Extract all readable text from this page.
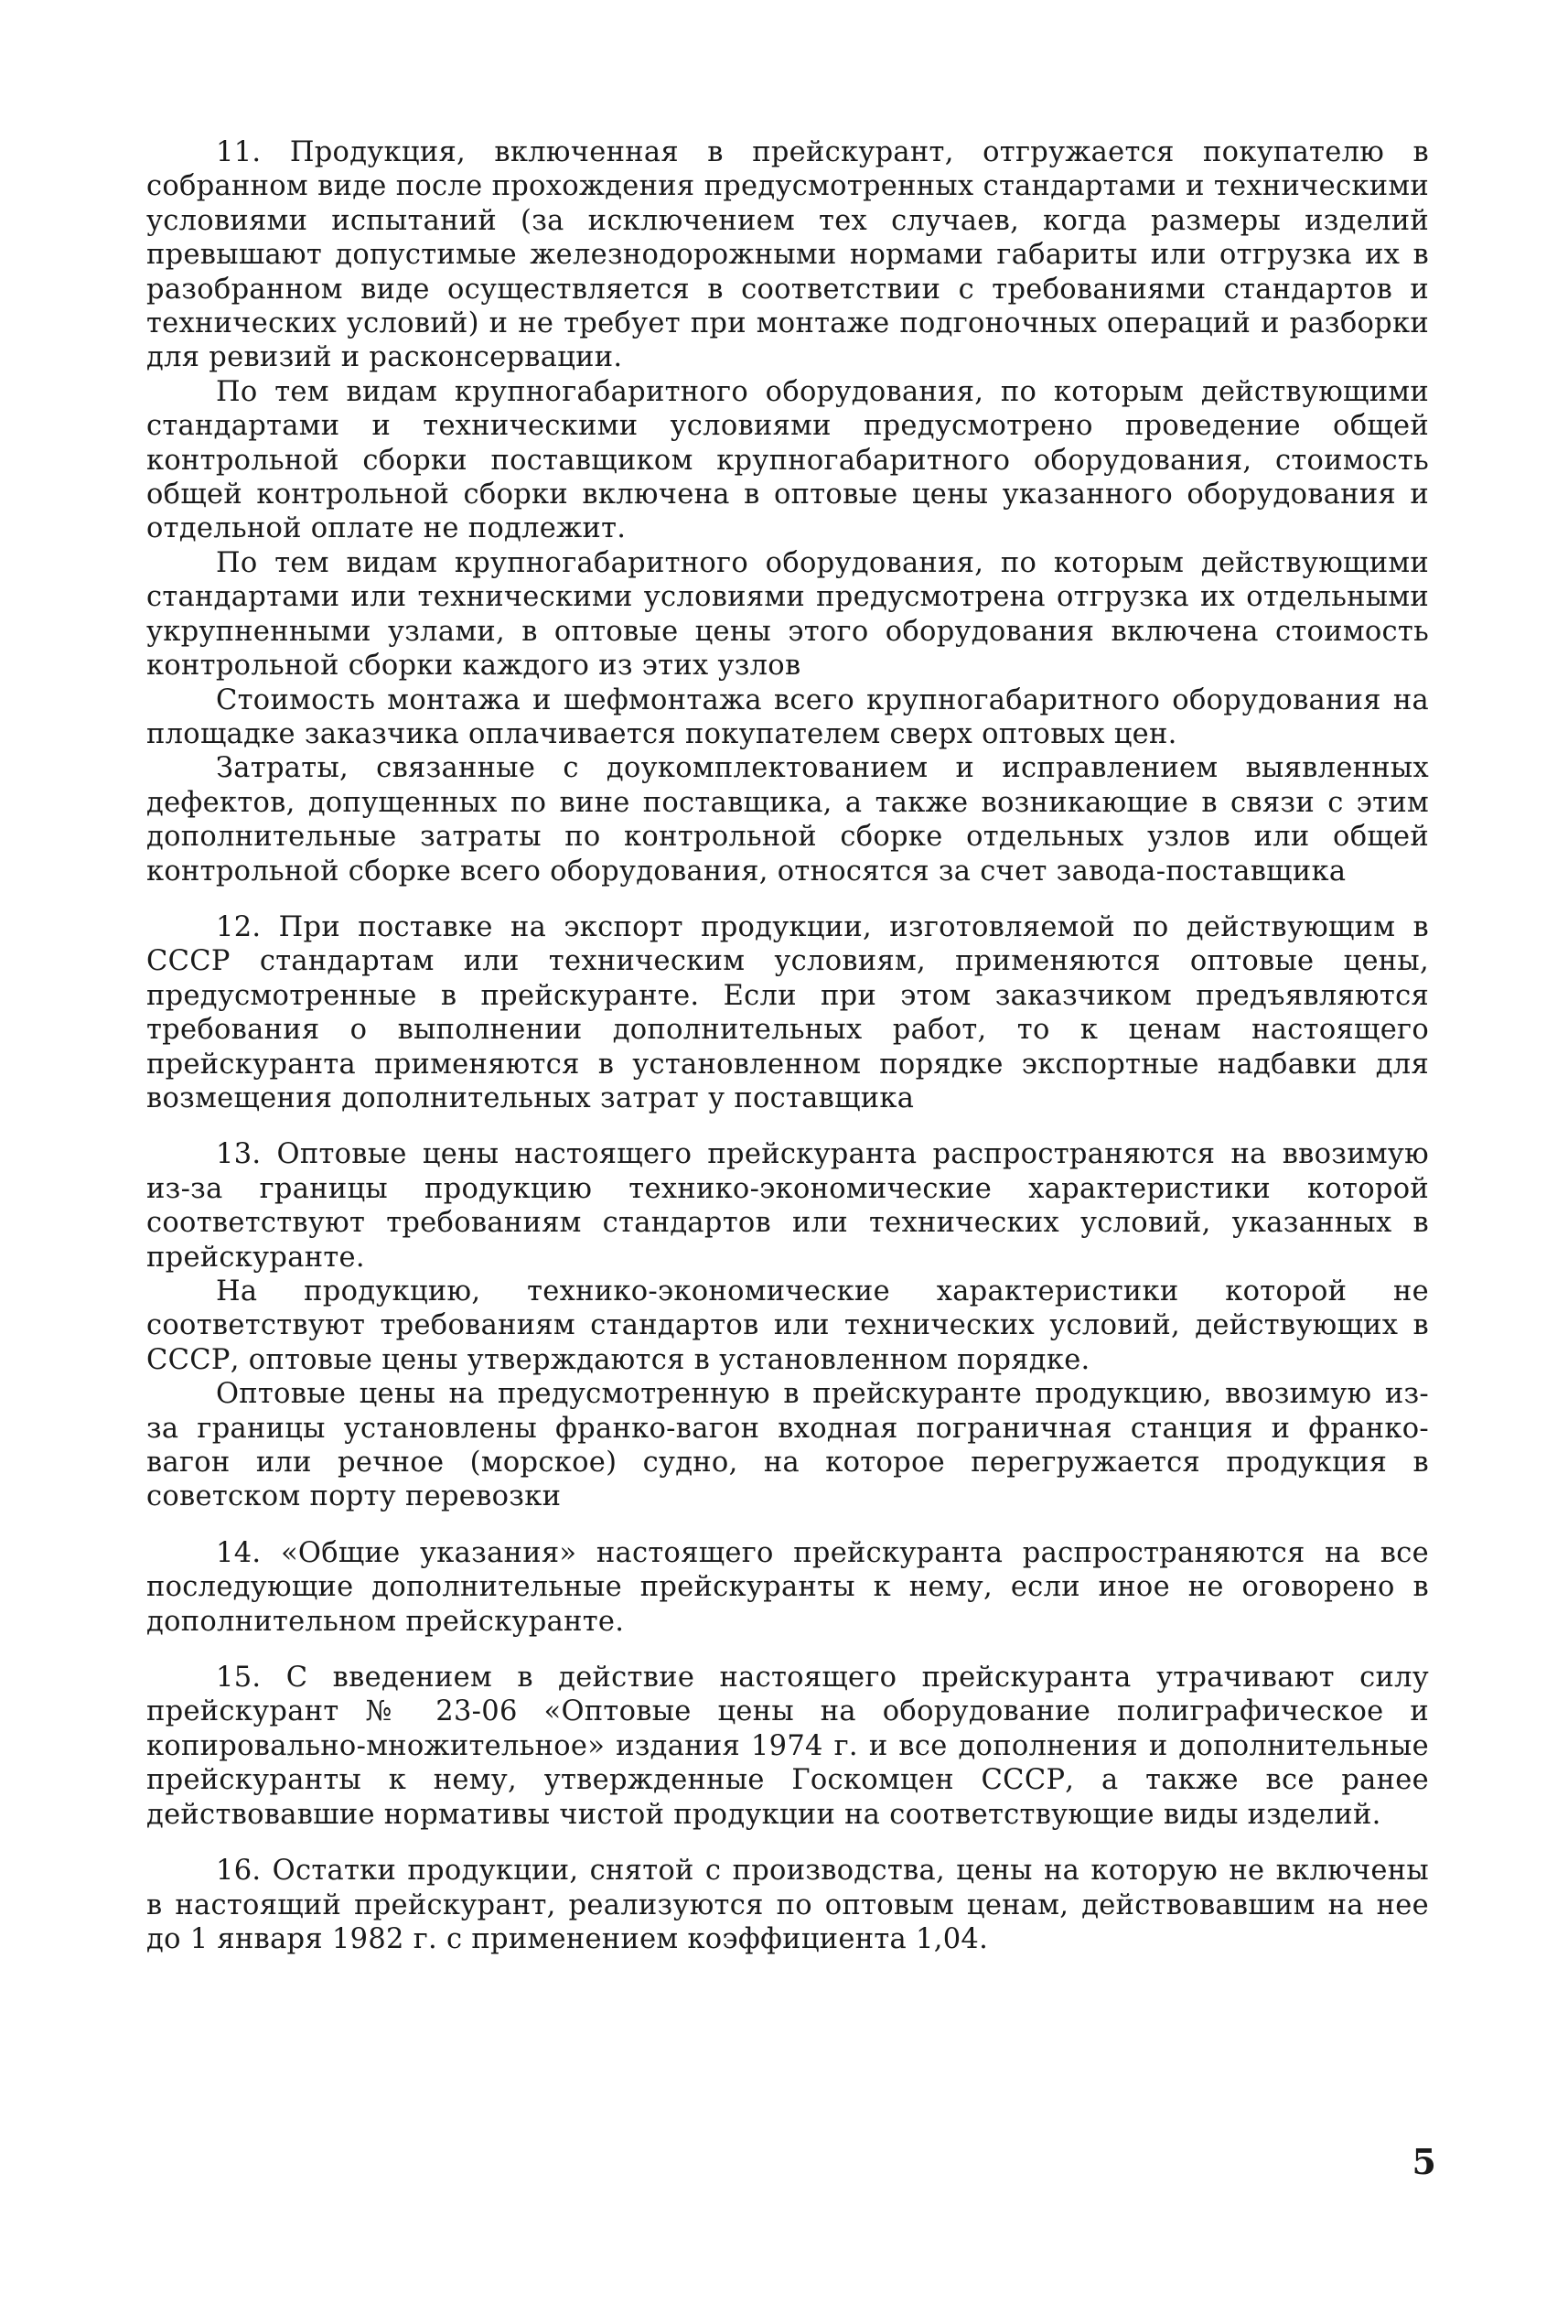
11. Продукция, включенная в прейскурант, отгружается покупателю в собранном виде после прохождения предусмотренных стандартами и техническими условиями испытаний (за исключением тех случаев, когда размеры изделий превышают допустимые железнодорожными нормами габариты или отгрузка их в разобранном виде осуществляется в соответствии с требованиями стандартов и технических условий) и не требует при монтаже подгоночных операций и разборки для ревизий и расконсервации.

По тем видам крупногабаритного оборудования, по которым действующими стандартами и техническими условиями предусмотрено проведение общей контрольной сборки поставщиком крупногабаритного оборудования, стоимость общей контрольной сборки включена в оптовые цены указанного оборудования и отдельной оплате не подлежит.

По тем видам крупногабаритного оборудования, по которым действующими стандартами или техническими условиями предусмотрена отгрузка их отдельными укрупненными узлами, в оптовые цены этого оборудования включена стоимость контрольной сборки каждого из этих узлов

Стоимость монтажа и шефмонтажа всего крупногабаритного оборудования на площадке заказчика оплачивается покупателем сверх оптовых цен.

Затраты, связанные с доукомплектованием и исправлением выявленных дефектов, допущенных по вине поставщика, а также возникающие в связи с этим дополнительные затраты по контрольной сборке отдельных узлов или общей контрольной сборке всего оборудования, относятся за счет завода-поставщика

12. При поставке на экспорт продукции, изготовляемой по действующим в СССР стандартам или техническим условиям, применяются оптовые цены, предусмотренные в прейскуранте. Если при этом заказчиком предъявляются требования о выполнении дополнительных работ, то к ценам настоящего прейскуранта применяются в установленном порядке экспортные надбавки для возмещения дополнительных затрат у поставщика

13. Оптовые цены настоящего прейскуранта распространяются на ввозимую из-за границы продукцию технико-экономические характеристики которой соответствуют требованиям стандартов или технических условий, указанных в прейскуранте.

На продукцию, технико-экономические характеристики которой не соответствуют требованиям стандартов или технических условий, действующих в СССР, оптовые цены утверждаются в установленном порядке.

Оптовые цены на предусмотренную в прейскуранте продукцию, ввозимую из-за границы установлены франко-вагон входная пограничная станция и франко-вагон или речное (морское) судно, на которое перегружается продукция в советском порту перевозки

14. «Общие указания» настоящего прейскуранта распространяются на все последующие дополнительные прейскуранты к нему, если иное не оговорено в дополнительном прейскуранте.

15. С введением в действие настоящего прейскуранта утрачивают силу прейскурант № 23-06 «Оптовые цены на оборудование полиграфическое и копировально-множительное» издания 1974 г. и все дополнения и дополнительные прейскуранты к нему, утвержденные Госкомцен СССР, а также все ранее действовавшие нормативы чистой продукции на соответствующие виды изделий.

16. Остатки продукции, снятой с производства, цены на которую не включены в настоящий прейскурант, реализуются по оптовым ценам, действовавшим на нее до 1 января 1982 г. с применением коэффициента 1,04.

5
